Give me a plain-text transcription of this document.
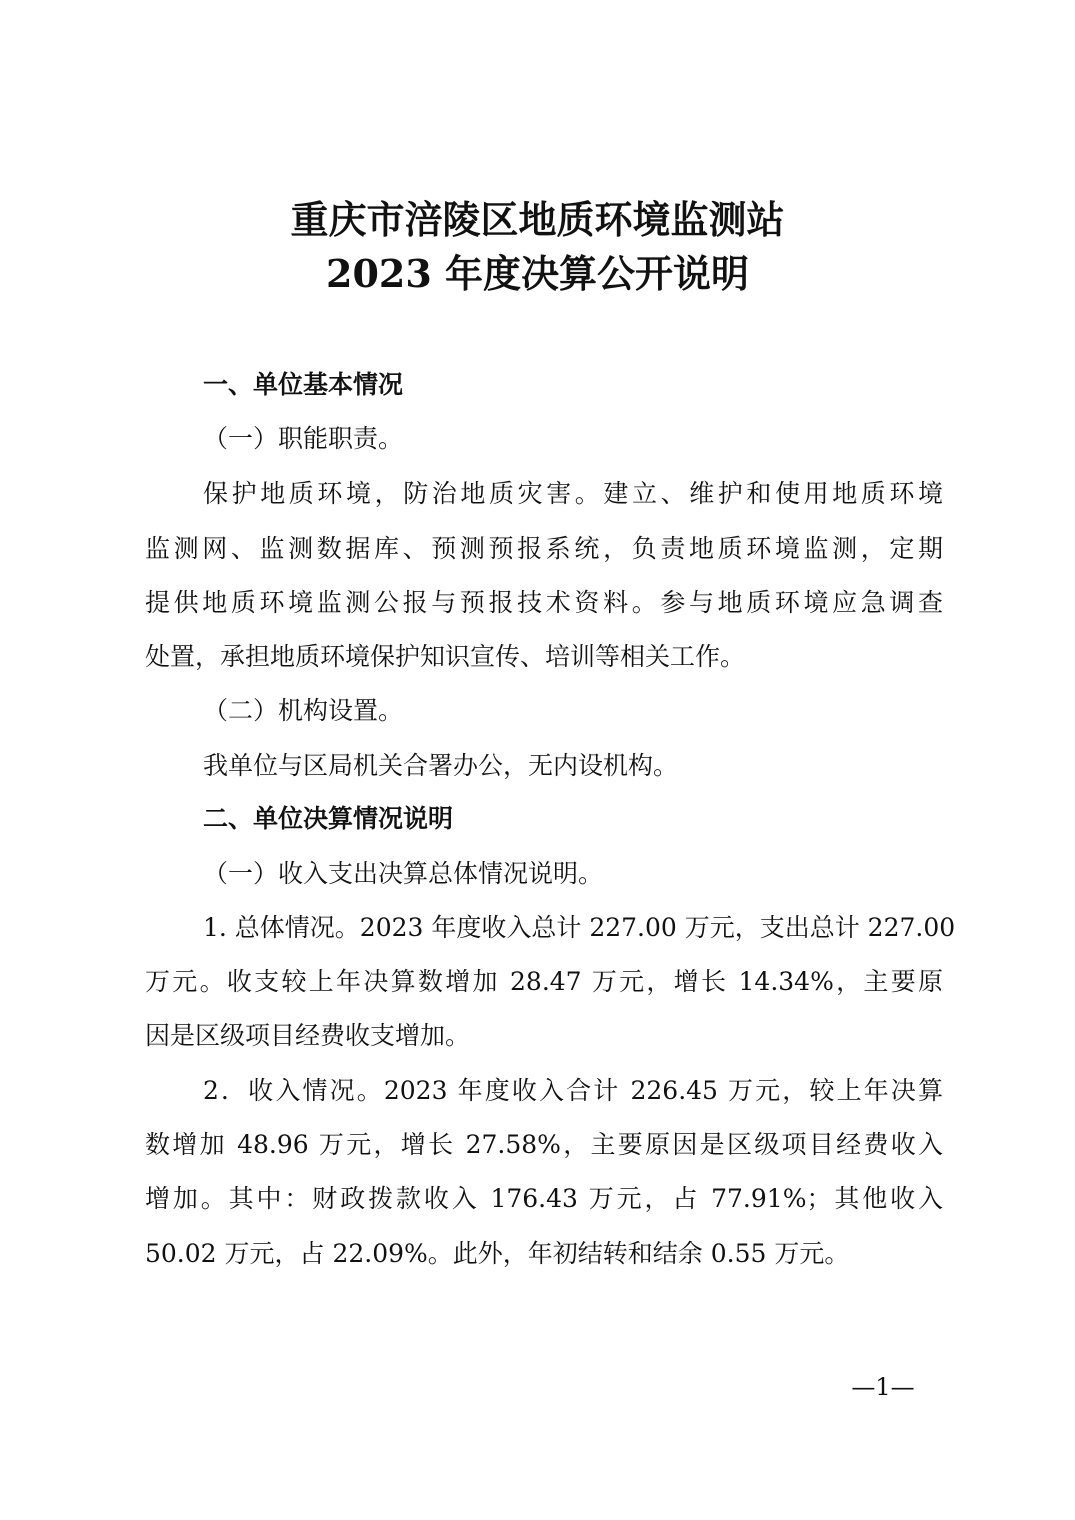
重庆市涪陵区地质环境监测站
2023 年度决算公开说明
一、单位基本情况
（一）职能职责。
保护地质环境，防治地质灾害。建立、维护和使用地质环境
监测网、监测数据库、预测预报系统，负责地质环境监测，定期
提供地质环境监测公报与预报技术资料。参与地质环境应急调查
处置，承担地质环境保护知识宣传、培训等相关工作。
（二）机构设置。
我单位与区局机关合署办公，无内设机构。
二、单位决算情况说明
（一）收入支出决算总体情况说明。
1. 总体情况。2023 年度收入总计 227.00 万元，支出总计 227.00
万元。收支较上年决算数增加 28.47 万元，增长 14.34%，主要原
因是区级项目经费收支增加。
2．收入情况。2023 年度收入合计 226.45 万元，较上年决算
数增加 48.96 万元，增长 27.58%，主要原因是区级项目经费收入
增加。其中：财政拨款收入 176.43 万元，占 77.91%；其他收入
50.02 万元，占 22.09%。此外，年初结转和结余 0.55 万元。
—1—
